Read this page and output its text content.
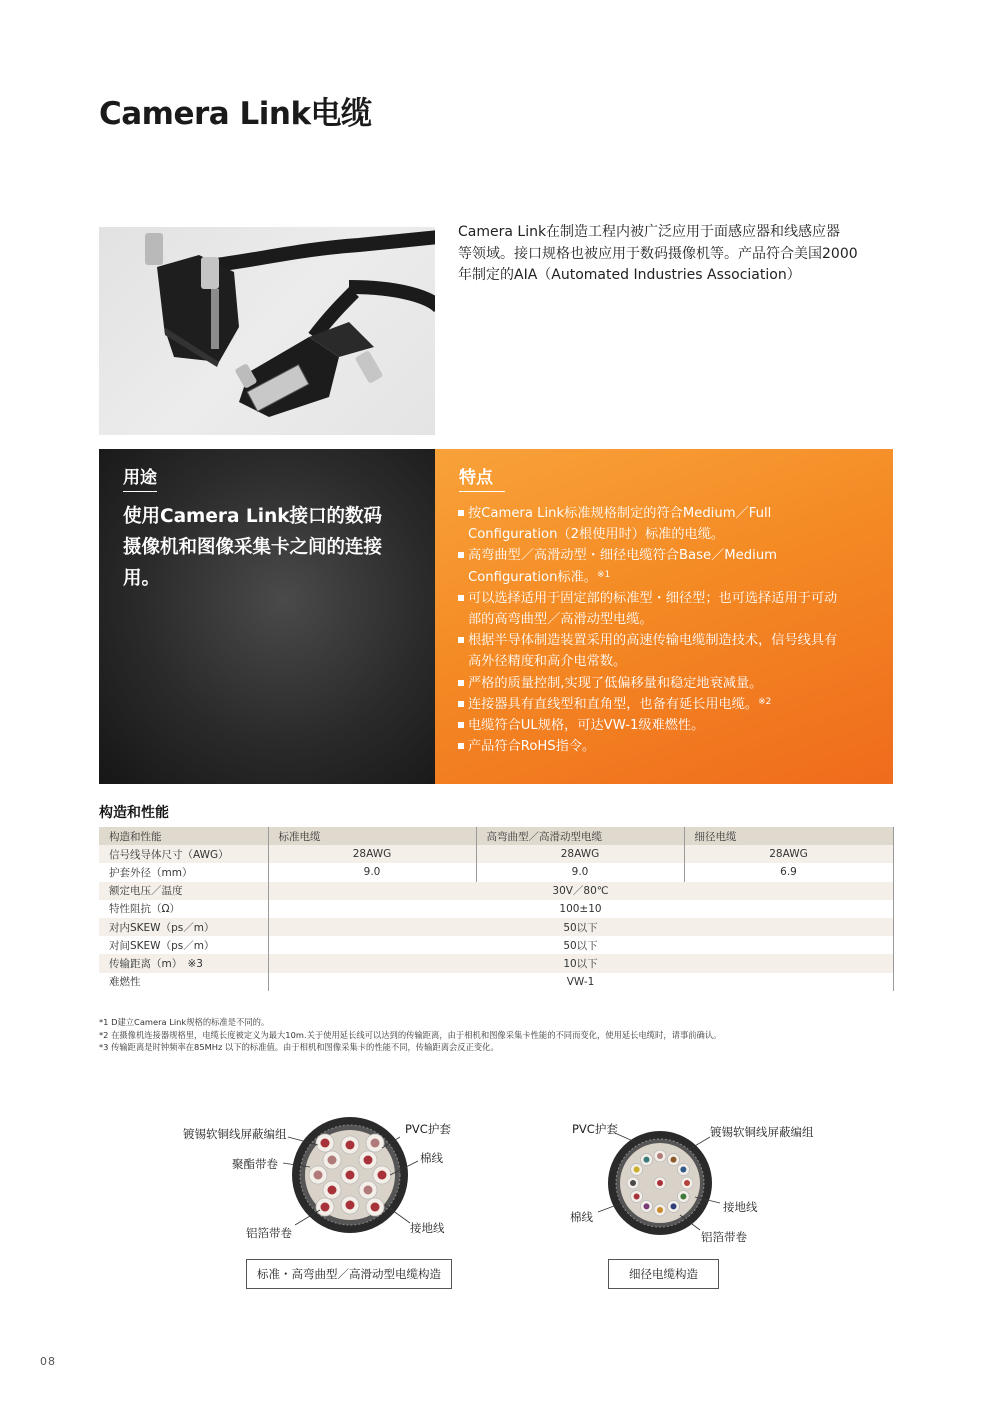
Camera Link电缆
Camera Link在制造工程内被广泛应用于面感应器和线感应器
等领域。接口规格也被应用于数码摄像机等。产品符合美国2000
年制定的AIA（Automated Industries Association）
用途
使用Camera Link接口的数码
摄像机和图像采集卡之间的连接
用。
特点
按Camera Link标准规格制定的符合Medium／Full
Configuration（2根使用时）标准的电缆。
高弯曲型／高滑动型・细径电缆符合Base／Medium
Configuration标准。$^{※1}$
可以选择适用于固定部的标准型・细径型；也可选择适用于可动
部的高弯曲型／高滑动型电缆。
根据半导体制造装置采用的高速传输电缆制造技术，信号线具有
高外径精度和高介电常数。
严格的质量控制,实现了低偏移量和稳定地衰减量。
连接器具有直线型和直角型，也备有延长用电缆。$^{※2}$
电缆符合UL规格，可达VW-1级难燃性。
产品符合RoHS指令。
构造和性能
构造和性能	标准电缆	高弯曲型／高滑动型电缆	细径电缆
信号线导体尺寸（AWG）	28AWG	28AWG	28AWG
护套外径（mm）	9.0	9.0	6.9
额定电压／温度	30V／80℃		
特性阻抗（Ω）	100±10		
对内SKEW（ps／m）	50以下		
对间SKEW（ps／m）	50以下		
传输距离（m）　※3	10以下		
难燃性	VW-1		
*1 D建立Camera Link规格的标准是不同的。
*2 在摄像机连接器规格里，电缆长度被定义为最大10m.关于使用延长线可以达到的传输距离，由于相机和图像采集卡性能的不同而变化，使用延长电缆时，请事前确认。
*3 传输距离是时钟频率在85MHz 以下的标准值。由于相机和图像采集卡的性能不同，传输距离会反正变化。
镀锡软铜线屏蔽编组	PVC护套
聚酯带卷	棉线
铝箔带卷	接地线
标准・高弯曲型／高滑动型电缆构造
PVC护套	镀锡软铜线屏蔽编组
接地线
棉线
铝箔带卷
细径电缆构造
08
